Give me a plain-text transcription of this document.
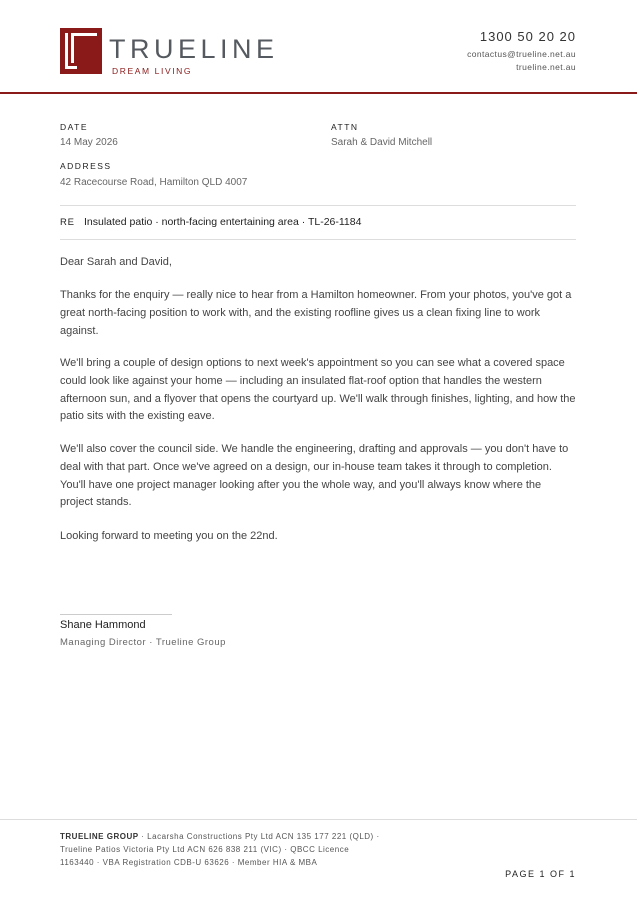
TRUELINE
DREAM LIVING
1300 50 20 20
contactus@trueline.net.au
trueline.net.au
DATE
14 May 2026
ATTN
Sarah & David Mitchell
ADDRESS
42 Racecourse Road, Hamilton QLD 4007
RE Insulated patio · north-facing entertaining area · TL-26-1184

Dear Sarah and David,

Thanks for the enquiry — really nice to hear from a Hamilton homeowner. From your photos, you've got a great north-facing position to work with, and the existing roofline gives us a clean fixing line to work against.

We'll bring a couple of design options to next week's appointment so you can see what a covered space could look like against your home — including an insulated flat-roof option that handles the western afternoon sun, and a flyover that opens the courtyard up. We'll walk through finishes, lighting, and how the patio sits with the existing eave.

We'll also cover the council side. We handle the engineering, drafting and approvals — you don't have to deal with that part. Once we've agreed on a design, our in-house team takes it through to completion. You'll have one project manager looking after you the whole way, and you'll always know where the project stands.

Looking forward to meeting you on the 22nd.

Shane Hammond
Managing Director · Trueline Group

TRUELINE GROUP · Lacarsha Constructions Pty Ltd ACN 135 177 221 (QLD) · Trueline Patios Victoria Pty Ltd ACN 626 838 211 (VIC) · QBCC Licence 1163440 · VBA Registration CDB-U 63626 · Member HIA & MBA

PAGE 1 OF 1
